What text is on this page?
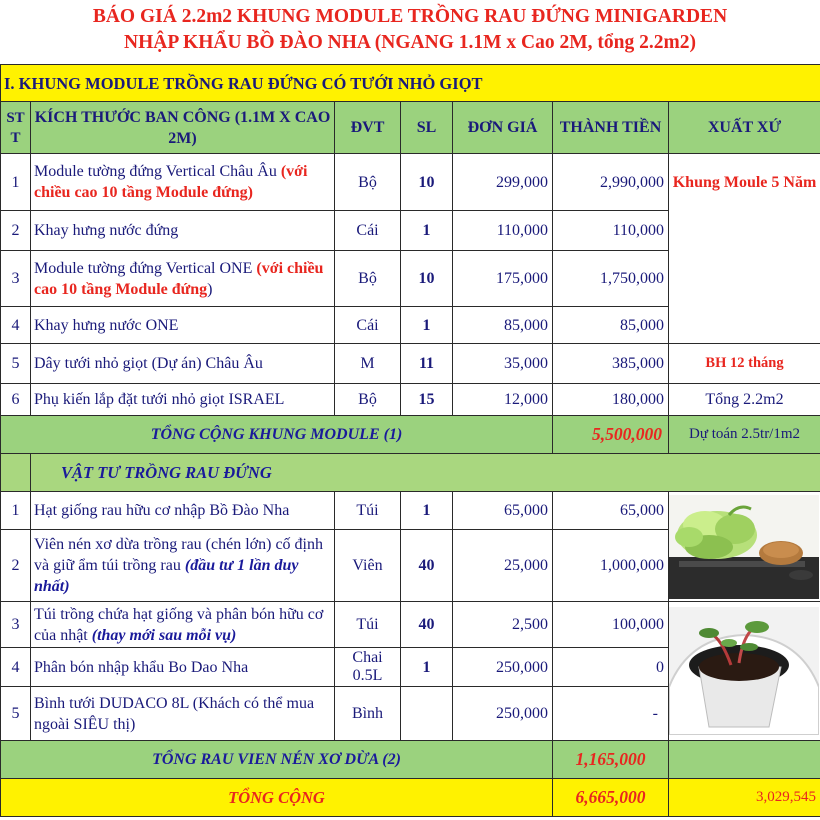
BÁO GIÁ 2.2m2 KHUNG MODULE TRỒNG RAU ĐỨNG MINIGARDEN
NHẬP KHẨU BỒ ĐÀO NHA (NGANG 1.1M x Cao 2M, tổng 2.2m2)
I. KHUNG MODULE TRỒNG RAU ĐỨNG CÓ TƯỚI NHỎ GIỌT						
ST T	KÍCH THƯỚC BAN CÔNG (1.1M X CAO 2M)	ĐVT	SL	ĐƠN GIÁ	THÀNH TIỀN	XUẤT XỨ
1	Module tường đứng Vertical Châu Âu (với chiều cao 10 tầng Module đứng)	Bộ	10	299,000	2,990,000	Khung Moule 5 Năm
2	Khay hưng nước đứng	Cái	1	110,000	110,000	
3	Module tường đứng Vertical ONE (với chiều cao 10 tầng Module đứng)	Bộ	10	175,000	1,750,000	
4	Khay hưng nước ONE	Cái	1	85,000	85,000	
5	Dây tưới nhỏ giọt (Dự án) Châu Âu	M	11	35,000	385,000	BH 12 tháng
6	Phụ kiến lắp đặt tưới nhỏ giọt ISRAEL	Bộ	15	12,000	180,000	Tổng 2.2m2
TỔNG CỘNG KHUNG MODULE (1)					5,500,000	Dự toán 2.5tr/1m2
	VẬT TƯ TRỒNG RAU ĐỨNG					
1	Hạt giống rau hữu cơ nhập Bồ Đào Nha	Túi	1	65,000	65,000	

2	Viên nén xơ dừa trồng rau (chén lớn) cố định và giữ ẩm túi trồng rau (đầu tư 1 lần duy nhất)	Viên	40	25,000	1,000,000	
3	Túi trồng chứa hạt giống và phân bón hữu cơ của nhật (thay mới sau mỗi vụ)	Túi	40	2,500	100,000	

4	Phân bón nhập khẩu Bo Dao Nha	Chai 0.5L	1	250,000	0	
5	Bình tưới DUDACO 8L (Khách có thể mua ngoài SIÊU thị)	Bình		250,000	-	
TỔNG RAU VIEN NÉN XƠ DỪA (2)					1,165,000	
TỔNG CỘNG					6,665,000	3,029,545
